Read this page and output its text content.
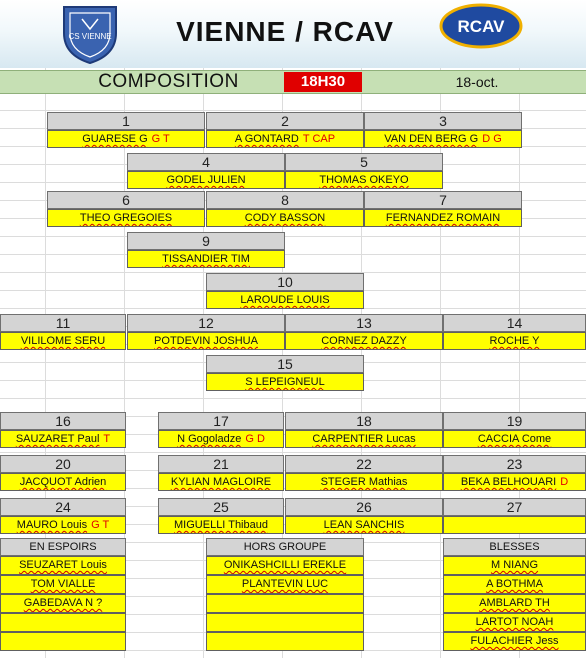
CS VIENNE	VIENNE / RCAV	RCAV
COMPOSITION	18H30	18-oct.
1
GUARESE G G T
2
A GONTARD T CAP
3
VAN DEN BERG G D G
4
GODEL JULIEN
5
THOMAS OKEYO
6
THEO GREGOIES
8
CODY BASSON
7
FERNANDEZ ROMAIN
9
TISSANDIER TIM
10
LAROUDE LOUIS
11
VILILOME SERU
12
POTDEVIN JOSHUA
13
CORNEZ DAZZY
14
ROCHE Y
15
S LEPEIGNEUL
16
SAUZARET Paul T
17
N Gogoladze G D
18
CARPENTIER Lucas
19
CACCIA Come
20
JACQUOT Adrien
21
KYLIAN MAGLOIRE
22
STEGER Mathias
23
BEKA BELHOUARI D
24
MAURO Louis G T
25
MIGUELLI Thibaud
26
LEAN SANCHIS
27
EN ESPOIRS
SEUZARET Louis
TOM VIALLE
GABEDAVA N ?
HORS GROUPE
ONIKASHCILLI EREKLE
PLANTEVIN LUC
BLESSES
M NIANG
A BOTHMA
AMBLARD TH
LARTOT NOAH
FULACHIER Jess
